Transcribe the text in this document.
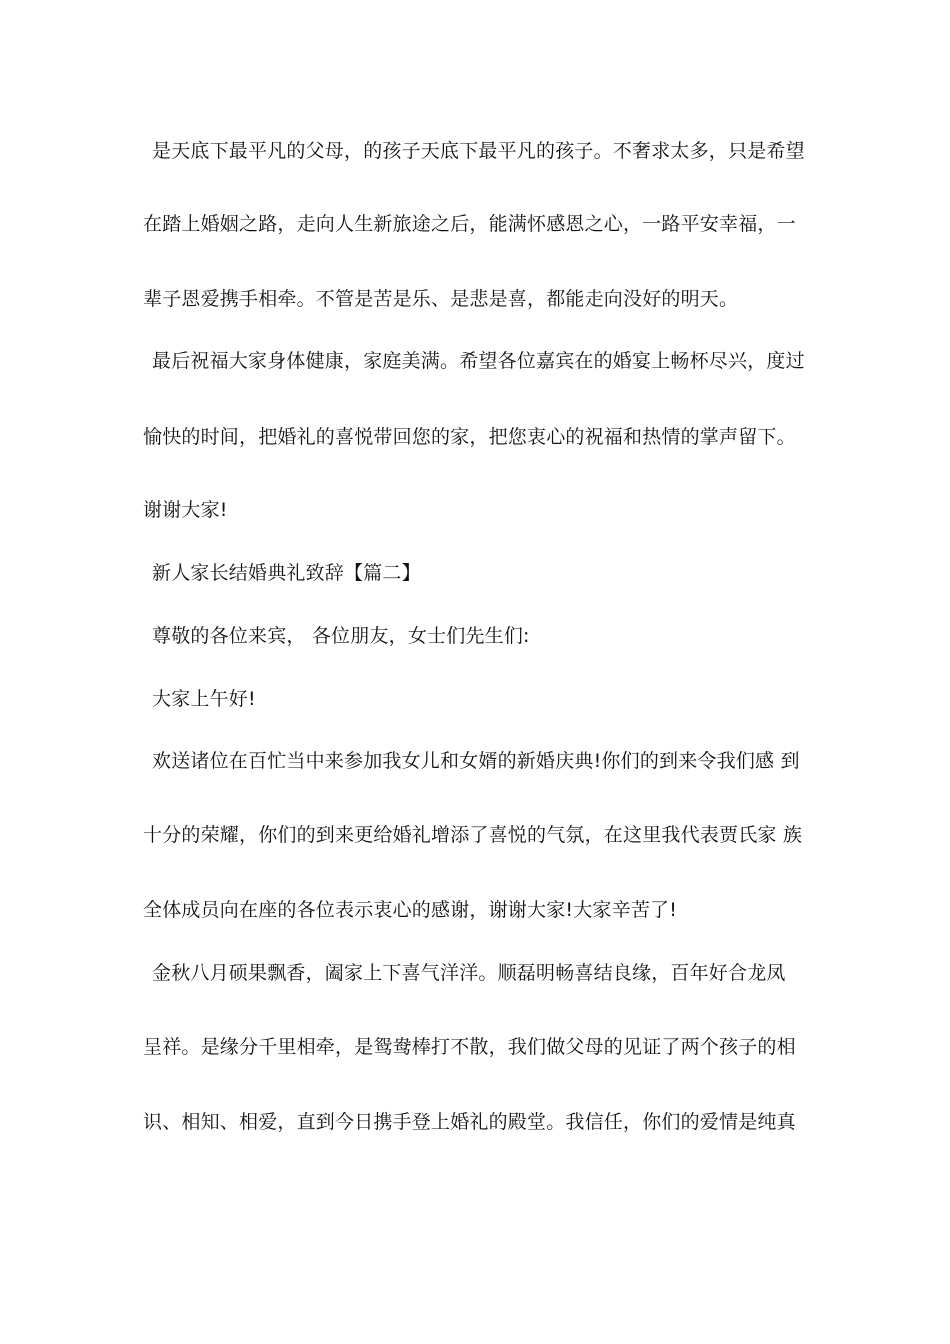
是天底下最平凡的父母，的孩子天底下最平凡的孩子。不奢求太多，只是希望
在踏上婚姻之路，走向人生新旅途之后，能满怀感恩之心，一路平安幸福，一
辈子恩爱携手相牵。不管是苦是乐、是悲是喜，都能走向没好的明天。
最后祝福大家身体健康，家庭美满。希望各位嘉宾在的婚宴上畅杯尽兴，度过
愉快的时间，把婚礼的喜悦带回您的家，把您衷心的祝福和热情的掌声留下。
谢谢大家!
新人家长结婚典礼致辞【篇二】
尊敬的各位来宾， 各位朋友，女士们先生们:
大家上午好!
欢送诸位在百忙当中来参加我女儿和女婿的新婚庆典!你们的到来令我们感 到
十分的荣耀，你们的到来更给婚礼增添了喜悦的气氛，在这里我代表贾氏家 族
全体成员向在座的各位表示衷心的感谢，谢谢大家!大家辛苦了!
金秋八月硕果飘香，阖家上下喜气洋洋。顺磊明畅喜结良缘，百年好合龙凤
呈祥。是缘分千里相牵，是鸳鸯棒打不散，我们做父母的见证了两个孩子的相
识、相知、相爱，直到今日携手登上婚礼的殿堂。我信任，你们的爱情是纯真
